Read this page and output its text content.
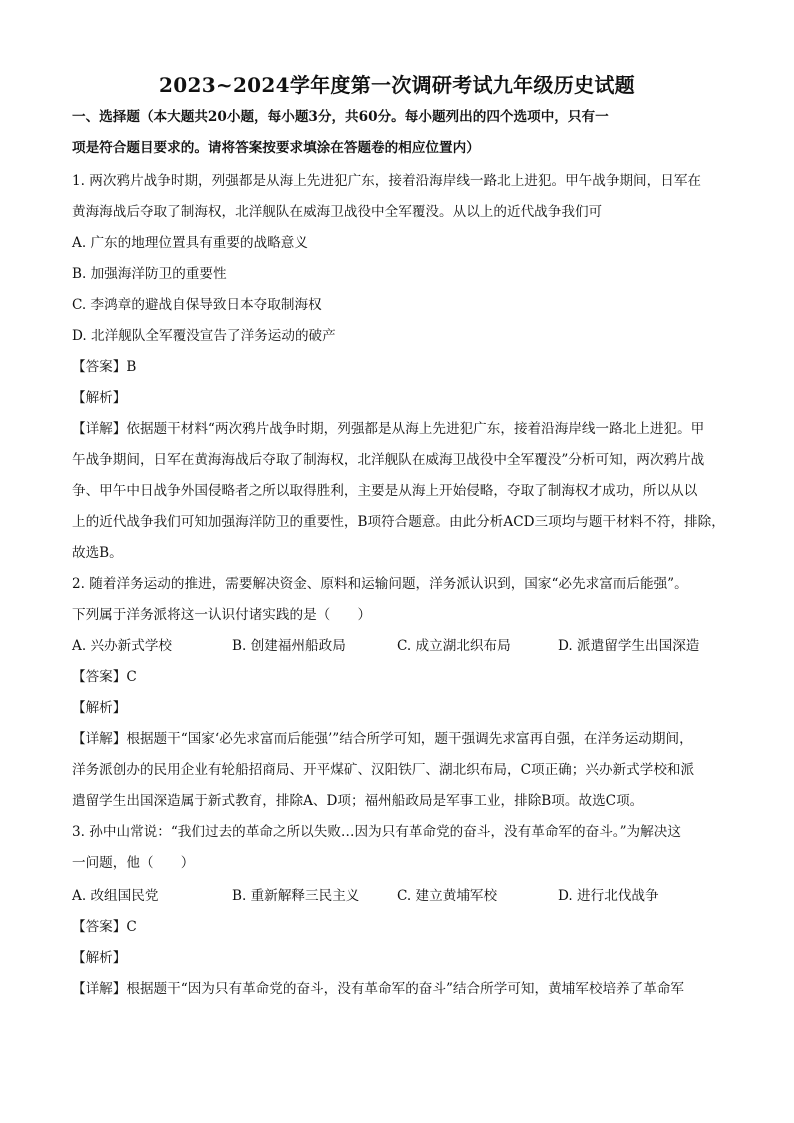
2023~2024学年度第一次调研考试九年级历史试题
一、选择题（本大题共20小题，每小题3分，共60分。每小题列出的四个选项中，只有一
项是符合题目要求的。请将答案按要求填涂在答题卷的相应位置内）
1. 两次鸦片战争时期，列强都是从海上先进犯广东，接着沿海岸线一路北上进犯。甲午战争期间，日军在
黄海海战后夺取了制海权，北洋舰队在威海卫战役中全军覆没。从以上的近代战争我们可
A. 广东的地理位置具有重要的战略意义
B. 加强海洋防卫的重要性
C. 李鸿章的避战自保导致日本夺取制海权
D. 北洋舰队全军覆没宣告了洋务运动的破产
【答案】B
【解析】
【详解】依据题干材料“两次鸦片战争时期，列强都是从海上先进犯广东，接着沿海岸线一路北上进犯。甲
午战争期间，日军在黄海海战后夺取了制海权，北洋舰队在威海卫战役中全军覆没”分析可知，两次鸦片战
争、甲午中日战争外国侵略者之所以取得胜利，主要是从海上开始侵略，夺取了制海权才成功，所以从以
上的近代战争我们可知加强海洋防卫的重要性，B项符合题意。由此分析ACD三项均与题干材料不符，排除，
故选B。
2. 随着洋务运动的推进，需要解决资金、原料和运输问题，洋务派认识到，国家“必先求富而后能强”。
下列属于洋务派将这一认识付诸实践的是（　　）
A. 兴办新式学校	B. 创建福州船政局	C. 成立湖北织布局	D. 派遣留学生出国深造
【答案】C
【解析】
【详解】根据题干“国家‘必先求富而后能强’”结合所学可知，题干强调先求富再自强，在洋务运动期间，
洋务派创办的民用企业有轮船招商局、开平煤矿、汉阳铁厂、湖北织布局，C项正确；兴办新式学校和派
遣留学生出国深造属于新式教育，排除A、D项；福州船政局是军事工业，排除B项。故选C项。
3. 孙中山常说：“我们过去的革命之所以失败…因为只有革命党的奋斗，没有革命军的奋斗。”为解决这
一问题，他（　　）
A. 改组国民党	B. 重新解释三民主义	C. 建立黄埔军校	D. 进行北伐战争
【答案】C
【解析】
【详解】根据题干“因为只有革命党的奋斗，没有革命军的奋斗”结合所学可知，黄埔军校培养了革命军
